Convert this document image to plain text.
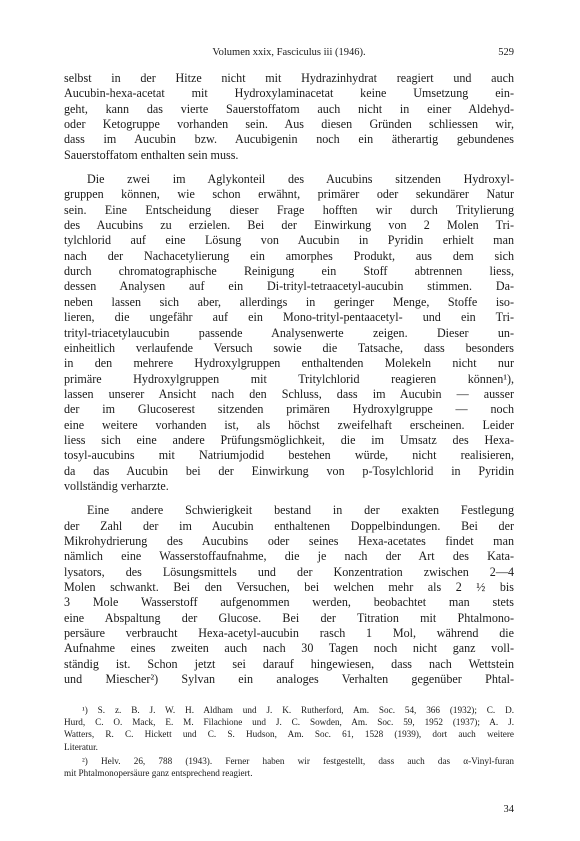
Volumen xxix, Fasciculus iii (1946).	529

selbst in der Hitze nicht mit Hydrazinhydrat reagiert und auch
Aucubin-hexa-acetat mit Hydroxylaminacetat keine Umsetzung ein-
geht, kann das vierte Sauerstoffatom auch nicht in einer Aldehyd-
oder Ketogruppe vorhanden sein. Aus diesen Gründen schliessen wir,
dass im Aucubin bzw. Aucubigenin noch ein ätherartig gebundenes
Sauerstoffatom enthalten sein muss.

Die zwei im Aglykonteil des Aucubins sitzenden Hydroxyl-
gruppen können, wie schon erwähnt, primärer oder sekundärer Natur
sein. Eine Entscheidung dieser Frage hofften wir durch Tritylierung
des Aucubins zu erzielen. Bei der Einwirkung von 2 Molen Tri-
tylchlorid auf eine Lösung von Aucubin in Pyridin erhielt man
nach der Nachacetylierung ein amorphes Produkt, aus dem sich
durch chromatographische Reinigung ein Stoff abtrennen liess,
dessen Analysen auf ein Di-trityl-tetraacetyl-aucubin stimmen. Da-
neben lassen sich aber, allerdings in geringer Menge, Stoffe iso-
lieren, die ungefähr auf ein Mono-trityl-pentaacetyl- und ein Tri-
trityl-triacetylaucubin passende Analysenwerte zeigen. Dieser un-
einheitlich verlaufende Versuch sowie die Tatsache, dass besonders
in den mehrere Hydroxylgruppen enthaltenden Molekeln nicht nur
primäre Hydroxylgruppen mit Tritylchlorid reagieren können¹),
lassen unserer Ansicht nach den Schluss, dass im Aucubin — ausser
der im Glucoserest sitzenden primären Hydroxylgruppe — noch
eine weitere vorhanden ist, als höchst zweifelhaft erscheinen. Leider
liess sich eine andere Prüfungsmöglichkeit, die im Umsatz des Hexa-
tosyl-aucubins mit Natriumjodid bestehen würde, nicht realisieren,
da das Aucubin bei der Einwirkung von p-Tosylchlorid in Pyridin
vollständig verharzte.

Eine andere Schwierigkeit bestand in der exakten Festlegung
der Zahl der im Aucubin enthaltenen Doppelbindungen. Bei der
Mikrohydrierung des Aucubins oder seines Hexa-acetates findet man
nämlich eine Wasserstoffaufnahme, die je nach der Art des Kata-
lysators, des Lösungsmittels und der Konzentration zwischen 2—4
Molen schwankt. Bei den Versuchen, bei welchen mehr als 2 ½ bis
3 Mole Wasserstoff aufgenommen werden, beobachtet man stets
eine Abspaltung der Glucose. Bei der Titration mit Phtalmono-
persäure verbraucht Hexa-acetyl-aucubin rasch 1 Mol, während die
Aufnahme eines zweiten auch nach 30 Tagen noch nicht ganz voll-
ständig ist. Schon jetzt sei darauf hingewiesen, dass nach Wettstein
und Miescher²) Sylvan ein analoges Verhalten gegenüber Phtal-

¹) S. z. B. J. W. H. Aldham und J. K. Rutherford, Am. Soc. 54, 366 (1932); C. D.
Hurd, C. O. Mack, E. M. Filachione und J. C. Sowden, Am. Soc. 59, 1952 (1937); A. J.
Watters, R. C. Hickett und C. S. Hudson, Am. Soc. 61, 1528 (1939), dort auch weitere
Literatur.
²) Helv. 26, 788 (1943). Ferner haben wir festgestellt, dass auch das α-Vinyl-furan
mit Phtalmonopersäure ganz entsprechend reagiert.
34
